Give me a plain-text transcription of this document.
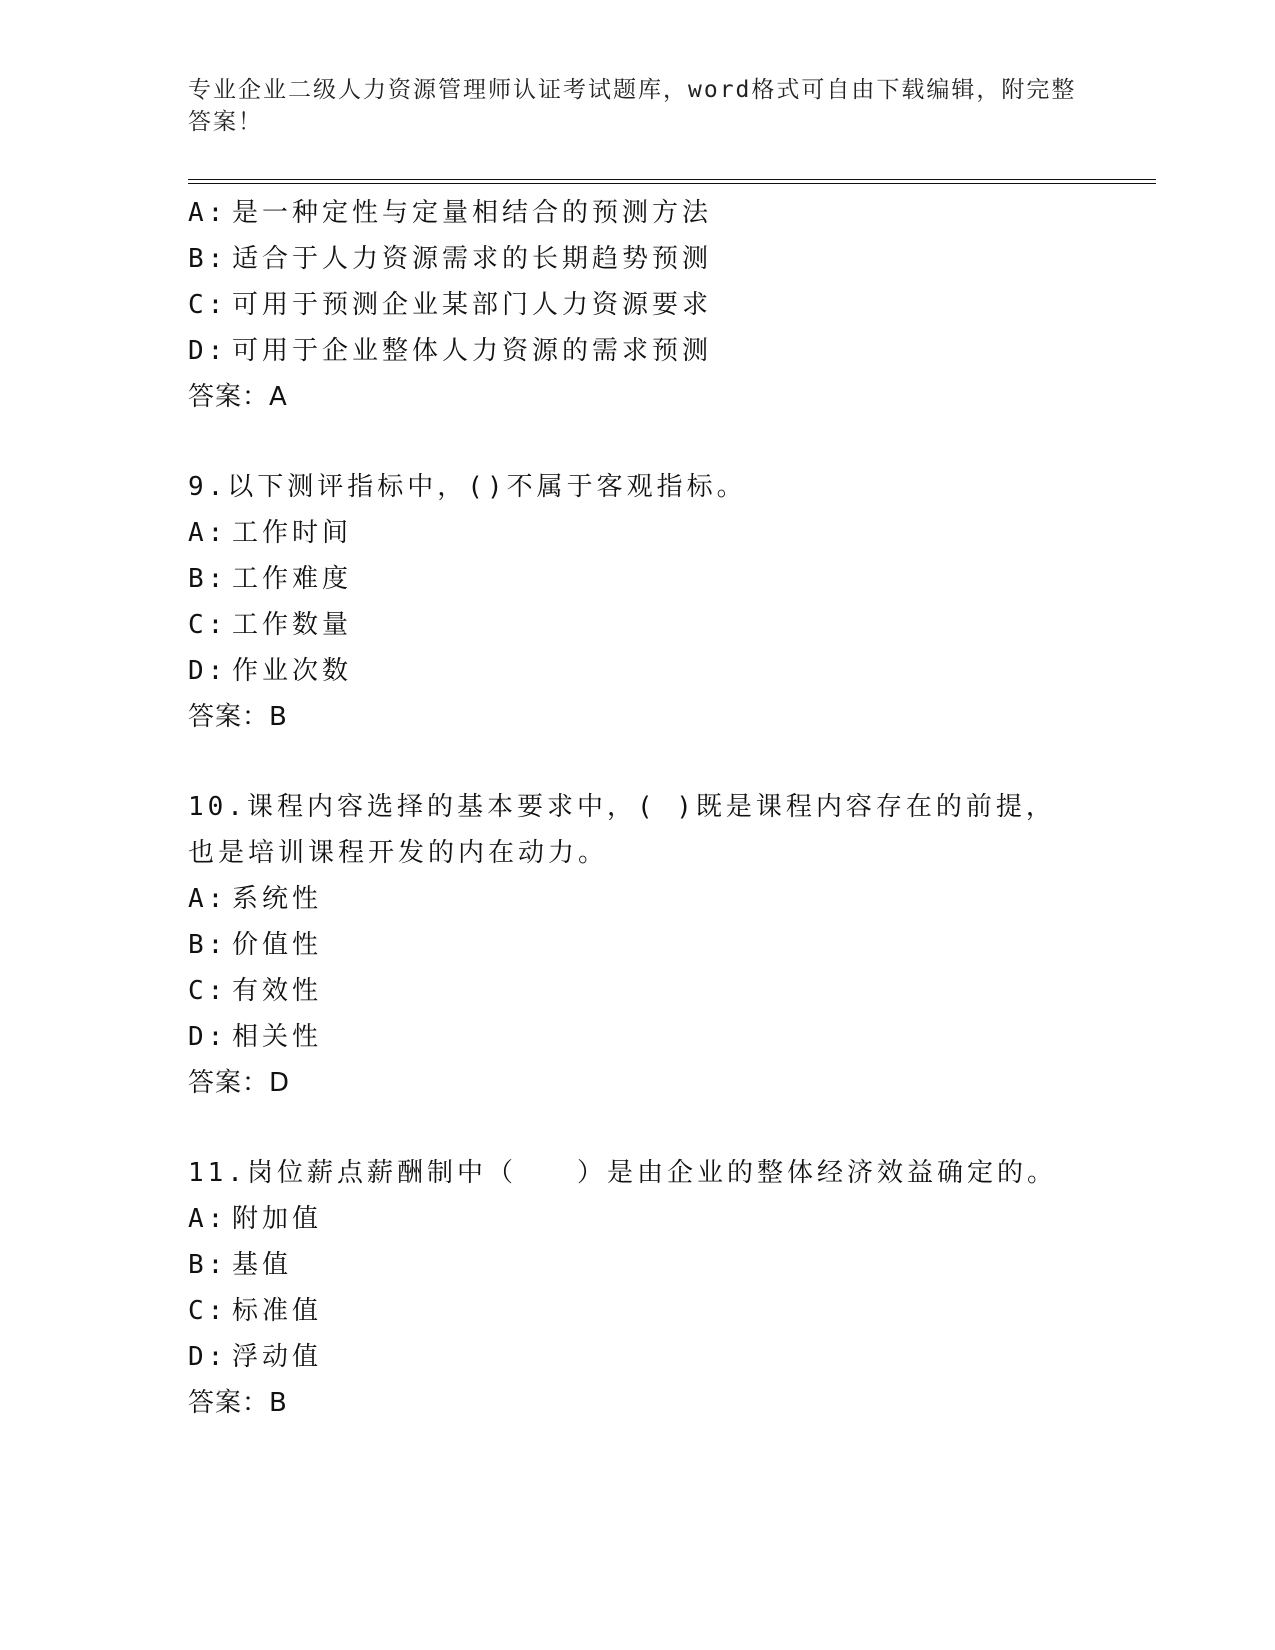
专业企业二级人力资源管理师认证考试题库，word格式可自由下载编辑，附完整答案！
A: 是一种定性与定量相结合的预测方法
B: 适合于人力资源需求的长期趋势预测
C: 可用于预测企业某部门人力资源要求
D: 可用于企业整体人力资源的需求预测
答案：A
9.以下测评指标中，()不属于客观指标。
A: 工作时间
B: 工作难度
C: 工作数量
D: 作业次数
答案：B
10.课程内容选择的基本要求中，( )既是课程内容存在的前提，也是培训课程开发的内在动力。
A: 系统性
B: 价值性
C: 有效性
D: 相关性
答案：D
11.岗位薪点薪酬制中（　　）是由企业的整体经济效益确定的。
A: 附加值
B: 基值
C: 标准值
D: 浮动值
答案：B
